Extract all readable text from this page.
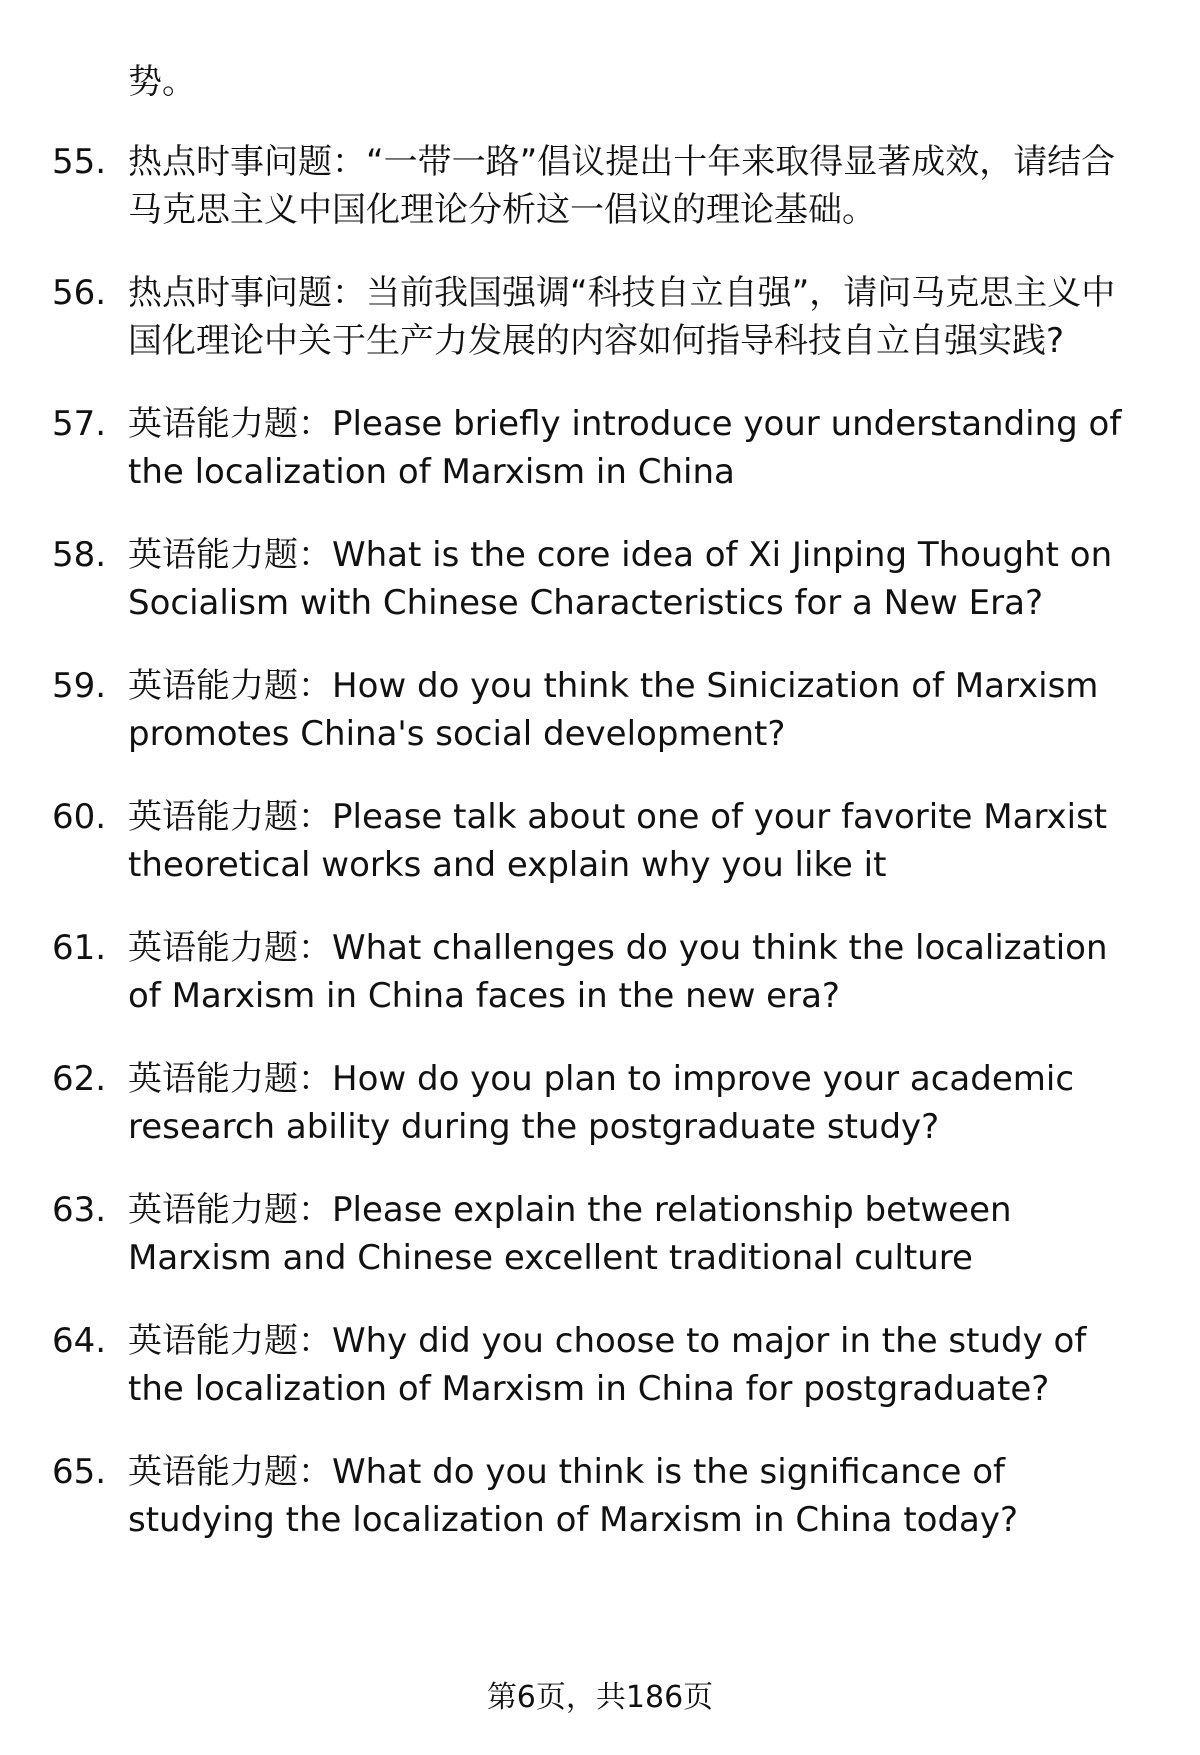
势。
55. 热点时事问题：“一带一路”倡议提出十年来取得显著成效，请结合马克思主义中国化理论分析这一倡议的理论基础。
56. 热点时事问题：当前我国强调“科技自立自强”，请问马克思主义中国化理论中关于生产力发展的内容如何指导科技自立自强实践?
57. 英语能力题：Please briefly introduce your understanding of the localization of Marxism in China
58. 英语能力题：What is the core idea of Xi Jinping Thought on Socialism with Chinese Characteristics for a New Era?
59. 英语能力题：How do you think the Sinicization of Marxism promotes China's social development?
60. 英语能力题：Please talk about one of your favorite Marxist theoretical works and explain why you like it
61. 英语能力题：What challenges do you think the localization of Marxism in China faces in the new era?
62. 英语能力题：How do you plan to improve your academic research ability during the postgraduate study?
63. 英语能力题：Please explain the relationship between Marxism and Chinese excellent traditional culture
64. 英语能力题：Why did you choose to major in the study of the localization of Marxism in China for postgraduate?
65. 英语能力题：What do you think is the significance of studying the localization of Marxism in China today?
第6页，共186页
